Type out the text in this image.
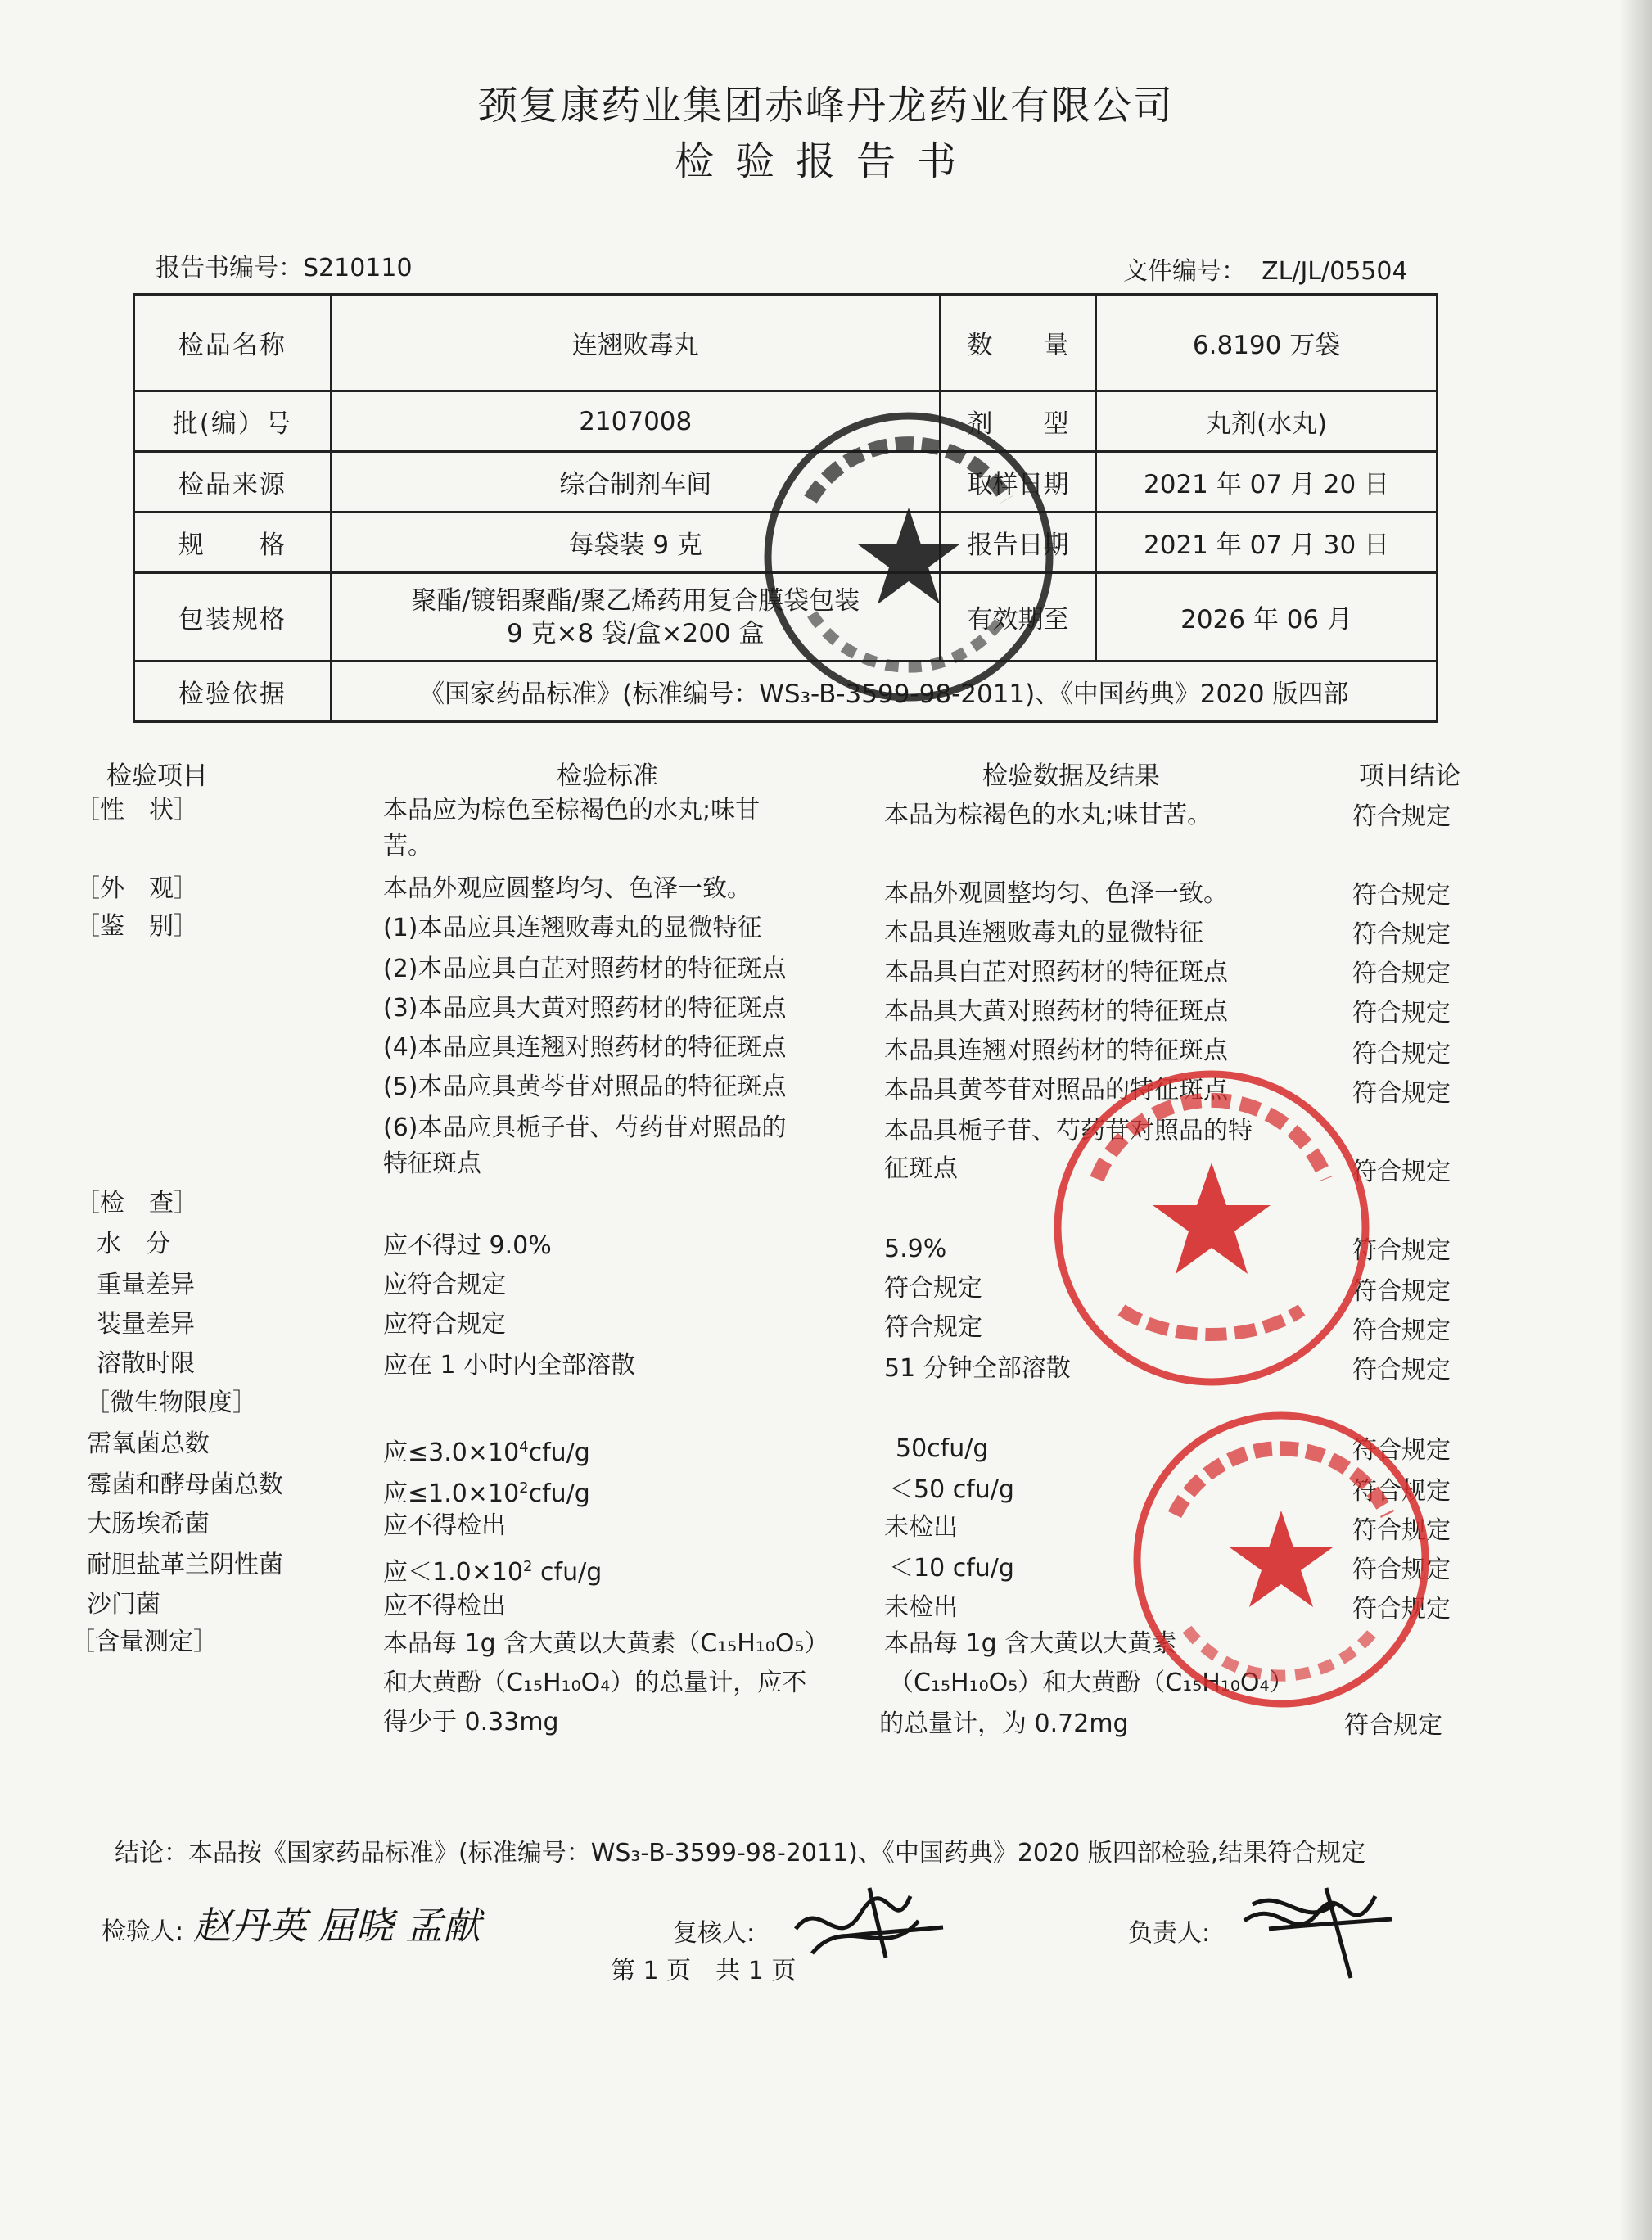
颈复康药业集团赤峰丹龙药业有限公司
检验报告书
报告书编号：S210110	文件编号： ZL/JL/05504
检品名称	连翘败毒丸	数　　量	6.8190 万袋
批(编）号	2107008	剂　　型	丸剂(水丸)
检品来源	综合制剂车间	取样日期	2021 年 07 月 20 日
规　　格	每袋装 9 克	报告日期	2021 年 07 月 30 日
包装规格	聚酯/镀铝聚酯/聚乙烯药用复合膜袋包装
9 克×8 袋/盒×200 盒	有效期至	2026 年 06 月
检验依据	《国家药品标准》(标准编号：WS₃-B-3599-98-2011)、《中国药典》2020 版四部		
检验项目	检验标准	检验数据及结果	项目结论
［性　状］	本品应为棕色至棕褐色的水丸;味甘
苦。
本品为棕褐色的水丸;味甘苦。	符合规定
［外　观］	本品外观应圆整均匀、色泽一致。	本品外观圆整均匀、色泽一致。	符合规定
［鉴　别］	(1)本品应具连翘败毒丸的显微特征	本品具连翘败毒丸的显微特征	符合规定
(2)本品应具白芷对照药材的特征斑点	本品具白芷对照药材的特征斑点	符合规定
(3)本品应具大黄对照药材的特征斑点	本品具大黄对照药材的特征斑点	符合规定
(4)本品应具连翘对照药材的特征斑点	本品具连翘对照药材的特征斑点	符合规定
(5)本品应具黄芩苷对照品的特征斑点	本品具黄芩苷对照品的特征斑点	符合规定
(6)本品应具栀子苷、芍药苷对照品的
特征斑点
本品具栀子苷、芍药苷对照品的特
征斑点	符合规定
［检　查］
水　分	应不得过 9.0%	5.9%	符合规定
重量差异	应符合规定	符合规定	符合规定
装量差异	应符合规定	符合规定	符合规定
溶散时限	应在 1 小时内全部溶散	51 分钟全部溶散	符合规定
［微生物限度］
需氧菌总数	应$\le 3.0\times 10^4cfu/g$	50cfu/g	符合规定
霉菌和酵母菌总数	应$\le 1.0\times 10^2cfu/g$	＜50 cfu/g	符合规定
大肠埃希菌	应不得检出	未检出	符合规定
耐胆盐革兰阴性菌	应$<1.0\times 10^2$ cfu/g	＜10 cfu/g	符合规定
沙门菌	应不得检出	未检出	符合规定
［含量测定］	本品每 1g 含大黄以大黄素（C₁₅H₁₀O₅）
和大黄酚（C₁₅H₁₀O₄）的总量计，应不
得少于 0.33mg
本品每 1g 含大黄以大黄素
（C₁₅H₁₀O₅）和大黄酚（C₁₅H₁₀O₄）
的总量计，为 0.72mg	符合规定
结论：本品按《国家药品标准》(标准编号：WS₃-B-3599-98-2011)、《中国药典》2020 版四部检验,结果符合规定
检验人: 赵丹英 屈晓 孟献	复核人:	负责人:
第 1 页　共 1 页
